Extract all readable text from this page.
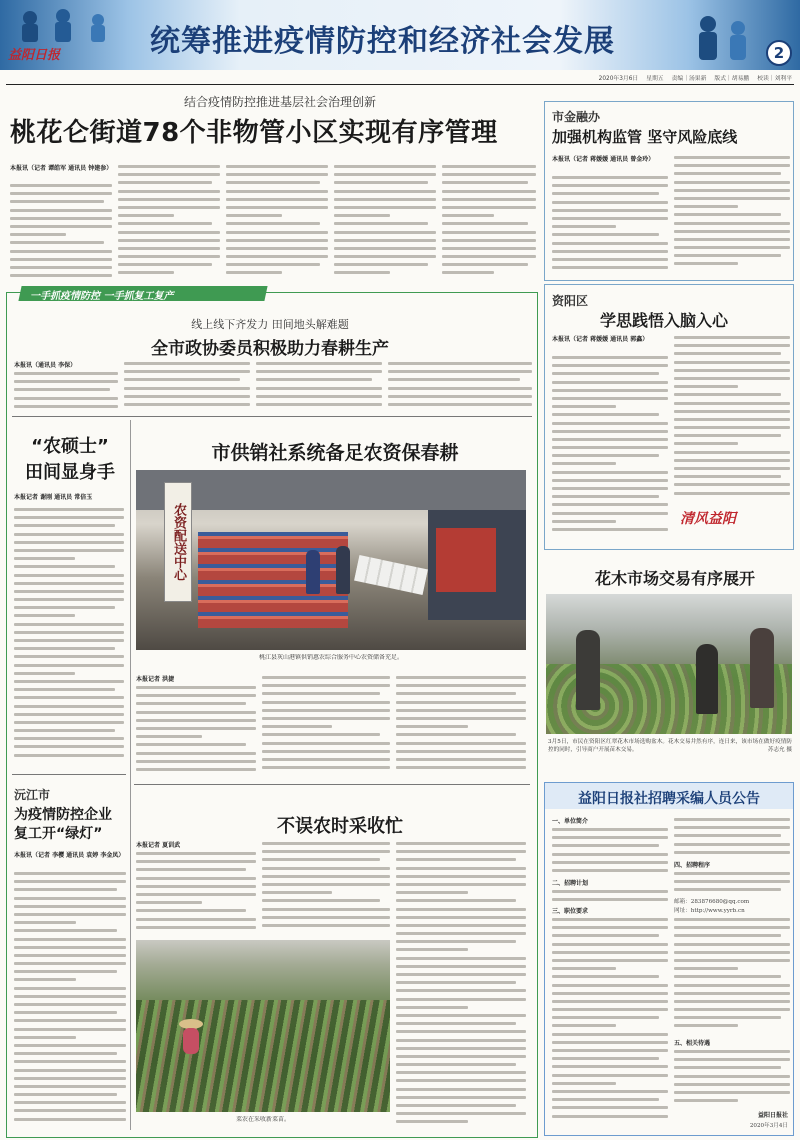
益阳日报	统筹推进疫情防控和经济社会发展	2
2020年3月6日 星期五 责编｜汤果新 版式｜胡易鹏 校读｜刘利平
结合疫情防控推进基层社会治理创新
桃花仑街道78个非物管小区实现有序管理
本报讯（记者 谭皓军 通讯员 钟建参）
一手抓疫情防控 一手抓复工复产
线上线下齐发力 田间地头解难题
全市政协委员积极助力春耕生产
本报讯（通讯员 李保）
“农硕士”
田间显身手
本报记者 谢刚 通讯员 常倍玉
市供销社系统备足农资保春耕
农资配送中心
桃江县灰山港镇供销惠农综合服务中心农资储备充足。
本报记者 洪捷
沅江市
为疫情防控企业
复工开“绿灯”
本报讯（记者 李樱 通讯员 袁婷 李金凤）
不误农时采收忙
本报记者 夏训武
菜农在采收新菜苗。
市金融办
加强机构监管 坚守风险底线
本报讯（记者 蒋媛媛 通讯员 曾金玲）
资阳区
学思践悟入脑入心
本报讯（记者 蒋媛媛 通讯员 郭鑫）
清风益阳
花木市场交易有序展开
3月5日，市民在资阳区红翠花木市场选购盆木。花木交易井然有序，连日来，该市场在做好疫情防控的同时，引导商户开展苗木交易。	苏志允 摄
益阳日报社招聘采编人员公告
一、单位简介
二、招聘计划
三、职位要求
四、招聘程序
邮箱：283876680@qq.com
网址：http://www.yyrb.cn
五、相关待遇
益阳日报社
2020年3月4日
